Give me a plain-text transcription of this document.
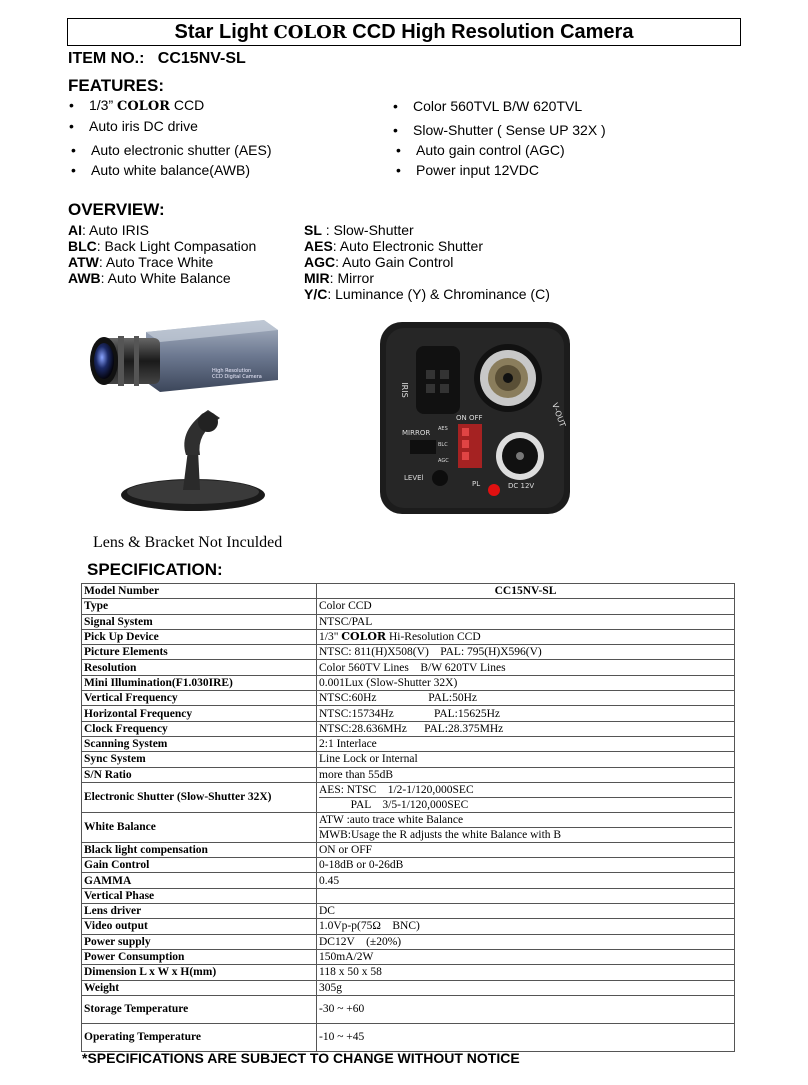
Star Light COLOR CCD High Resolution Camera
ITEM NO.: CC15NV-SL
FEATURES:
• 1/3” COLOR CCD
• Auto iris DC drive
• Auto electronic shutter (AES)
• Auto white balance(AWB)
• Color 560TVL B/W 620TVL
• Slow-Shutter ( Sense UP 32X )
• Auto gain control (AGC)
• Power input 12VDC
OVERVIEW:
AI: Auto IRIS
BLC: Back Light Compasation
ATW: Auto Trace White
AWB: Auto White Balance
SL : Slow-Shutter
AES: Auto Electronic Shutter
AGC: Auto Gain Control
MIR: Mirror
Y/C: Luminance (Y) & Chrominance (C)
High Resolution
CCD Digital Camera
IRIS
V-OUT
ON OFF
MIRROR AES
BLC
AGC
LEVEl
PL	DC 12V
Lens & Bracket Not Inculded
SPECIFICATION:
Model Number	CC15NV-SL
Type	Color CCD
Signal System	NTSC/PAL
Pick Up Device	1/3" COLOR Hi-Resolution CCD
Picture Elements	NTSC: 811(H)X508(V)    PAL: 795(H)X596(V)
Resolution	Color 560TV Lines    B/W 620TV Lines
Mini Illumination(F1.030IRE)	0.001Lux (Slow-Shutter 32X)
Vertical Frequency	NTSC:60Hz                  PAL:50Hz
Horizontal Frequency	NTSC:15734Hz              PAL:15625Hz
Clock Frequency	NTSC:28.636MHz      PAL:28.375MHz
Scanning System	2:1 Interlace
Sync System	Line Lock or Internal
S/N Ratio	more than 55dB
Electronic Shutter (Slow-Shutter 32X)	AES: NTSC    1/2-1/120,000SEC
PAL    3/5-1/120,000SEC

White Balance	ATW :auto trace white Balance
MWB:Usage the R adjusts the white Balance with B

Black light compensation	ON or OFF
Gain Control	0-18dB or 0-26dB
GAMMA	0.45
Vertical Phase	
Lens driver	DC
Video output	1.0Vp-p(75Ω    BNC)
Power supply	DC12V    (±20%)
Power Consumption	150mA/2W
Dimension L x W x H(mm)	118 x 50 x 58
Weight	305g
Storage Temperature	-30 ~ +60
Operating Temperature	-10 ~ +45
*SPECIFICATIONS ARE SUBJECT TO CHANGE WITHOUT NOTICE
